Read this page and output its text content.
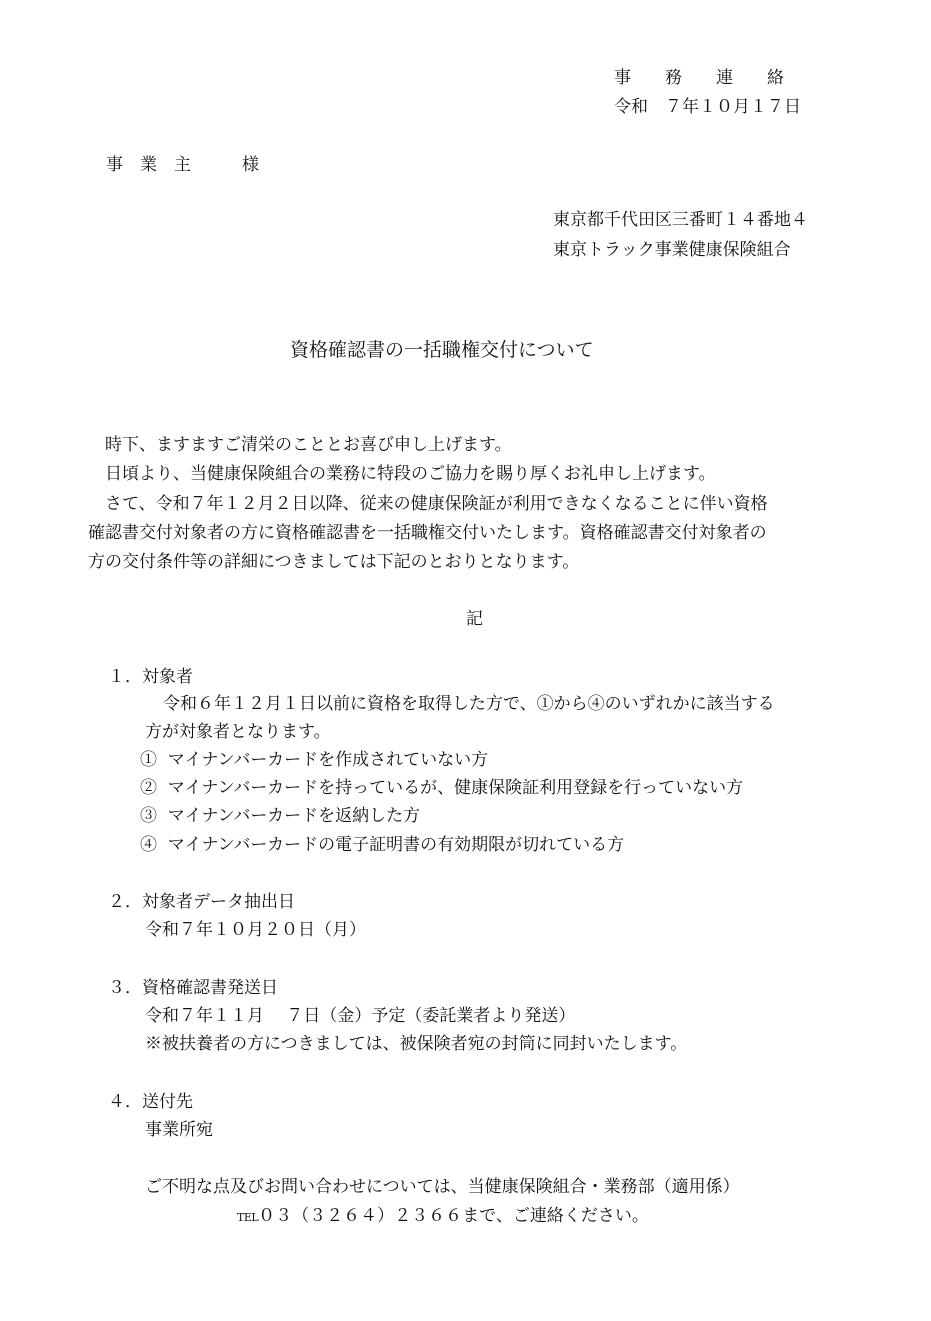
事　　務　　連　　絡
令和　７年１０月１７日
事　業　主　　　様
東京都千代田区三番町１４番地４
東京トラック事業健康保険組合
資格確認書の一括職権交付について
時下、ますますご清栄のこととお喜び申し上げます。
日頃より、当健康保険組合の業務に特段のご協力を賜り厚くお礼申し上げます。
さて、令和７年１２月２日以降、従来の健康保険証が利用できなくなることに伴い資格
確認書交付対象者の方に資格確認書を一括職権交付いたします。資格確認書交付対象者の
方の交付条件等の詳細につきましては下記のとおりとなります。
記
１．対象者
令和６年１２月１日以前に資格を取得した方で、①から④のいずれかに該当する
方が対象者となります。
①  マイナンバーカードを作成されていない方
②  マイナンバーカードを持っているが、健康保険証利用登録を行っていない方
③  マイナンバーカードを返納した方
④  マイナンバーカードの電子証明書の有効期限が切れている方
２．対象者データ抽出日
令和７年１０月２０日（月）
３．資格確認書発送日
令和７年１１月　 ７日（金）予定（委託業者より発送）
※被扶養者の方につきましては、被保険者宛の封筒に同封いたします。
４．送付先
事業所宛
ご不明な点及びお問い合わせについては、当健康保険組合・業務部（適用係）
TEL０３（３２６４）２３６６まで、ご連絡ください。
